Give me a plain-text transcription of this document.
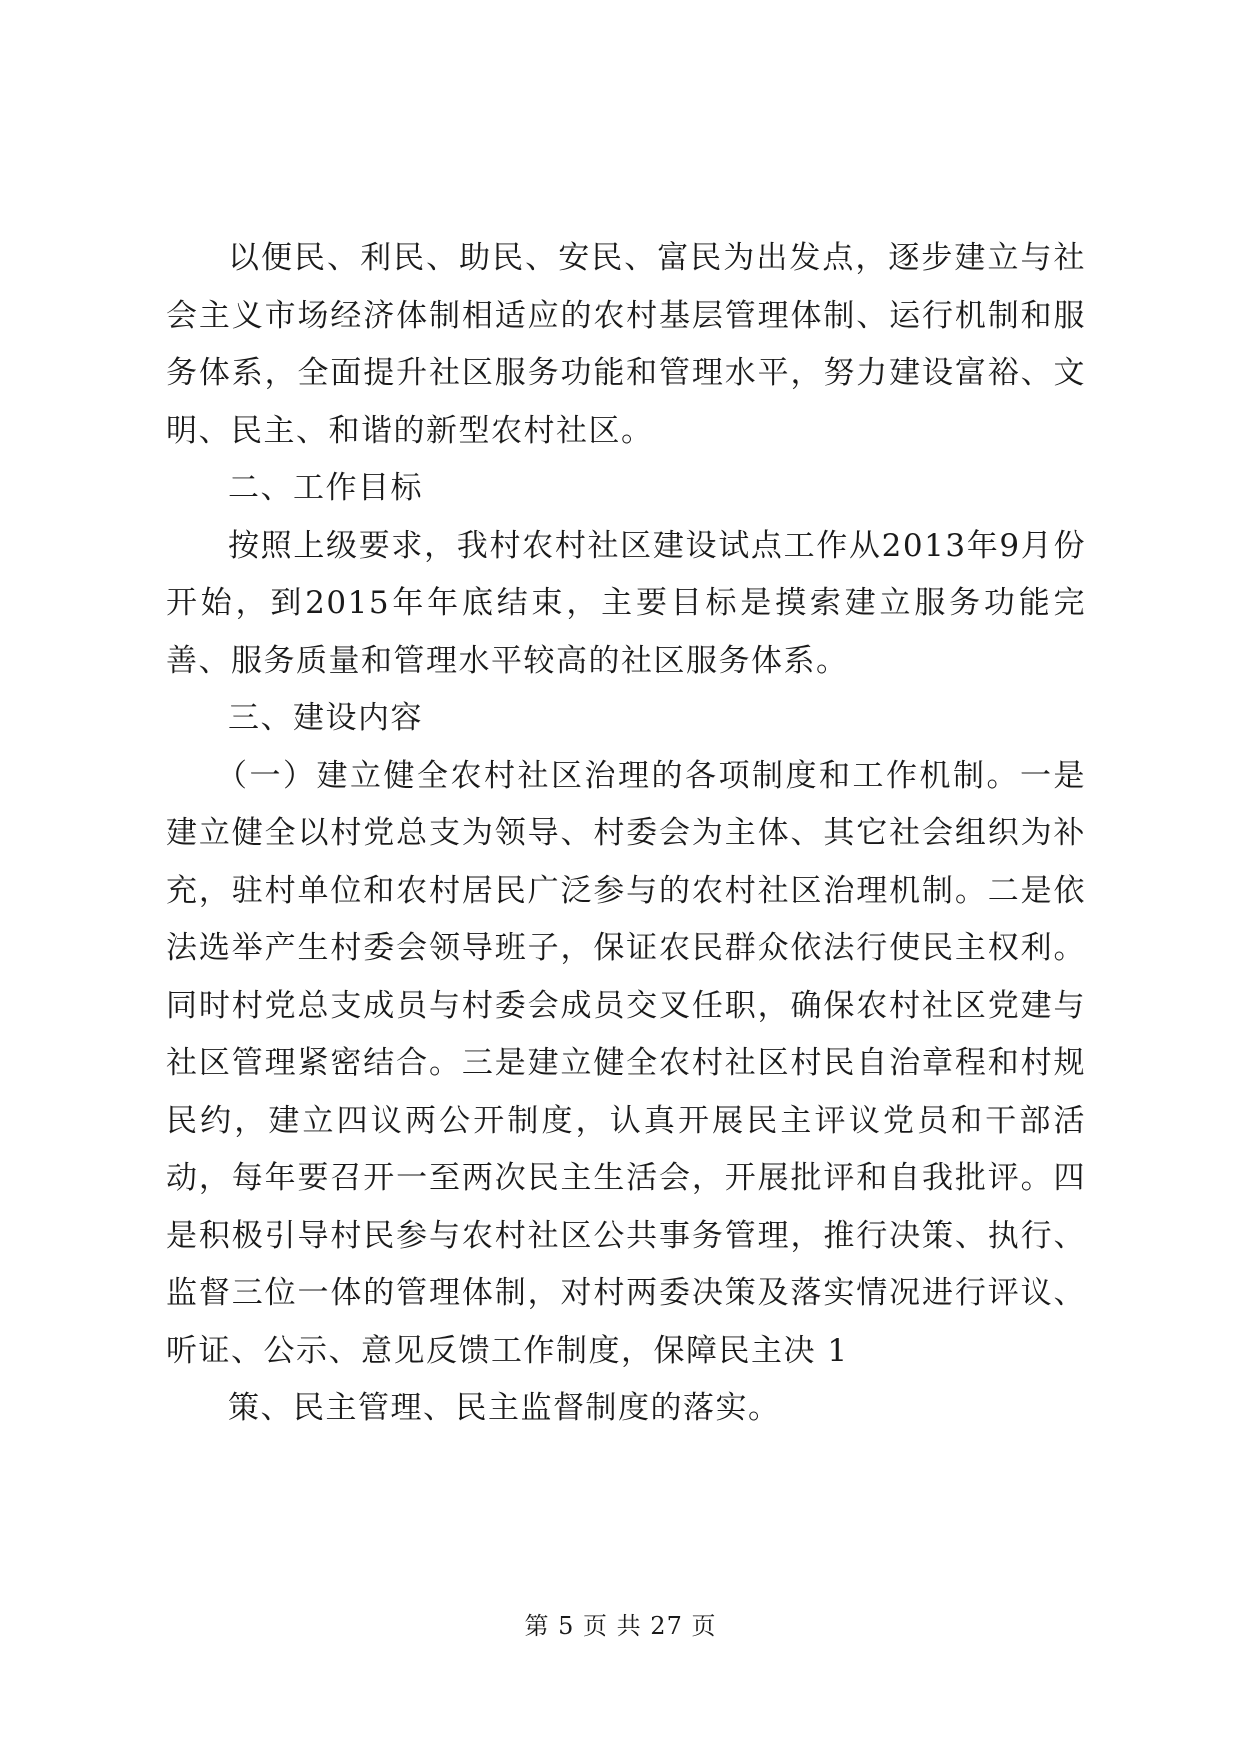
以便民、利民、助民、安民、富民为出发点，逐步建立与社会主义市场经济体制相适应的农村基层管理体制、运行机制和服务体系，全面提升社区服务功能和管理水平，努力建设富裕、文明、民主、和谐的新型农村社区。

二、工作目标

按照上级要求，我村农村社区建设试点工作从2013年9月份开始，到2015年年底结束，主要目标是摸索建立服务功能完善、服务质量和管理水平较高的社区服务体系。

三、建设内容

（一）建立健全农村社区治理的各项制度和工作机制。一是建立健全以村党总支为领导、村委会为主体、其它社会组织为补充，驻村单位和农村居民广泛参与的农村社区治理机制。二是依法选举产生村委会领导班子，保证农民群众依法行使民主权利。同时村党总支成员与村委会成员交叉任职，确保农村社区党建与社区管理紧密结合。三是建立健全农村社区村民自治章程和村规民约，建立四议两公开制度，认真开展民主评议党员和干部活动，每年要召开一至两次民主生活会，开展批评和自我批评。四是积极引导村民参与农村社区公共事务管理，推行决策、执行、监督三位一体的管理体制，对村两委决策及落实情况进行评议、听证、公示、意见反馈工作制度，保障民主决 1

策、民主管理、民主监督制度的落实。

第 5 页 共 27 页
